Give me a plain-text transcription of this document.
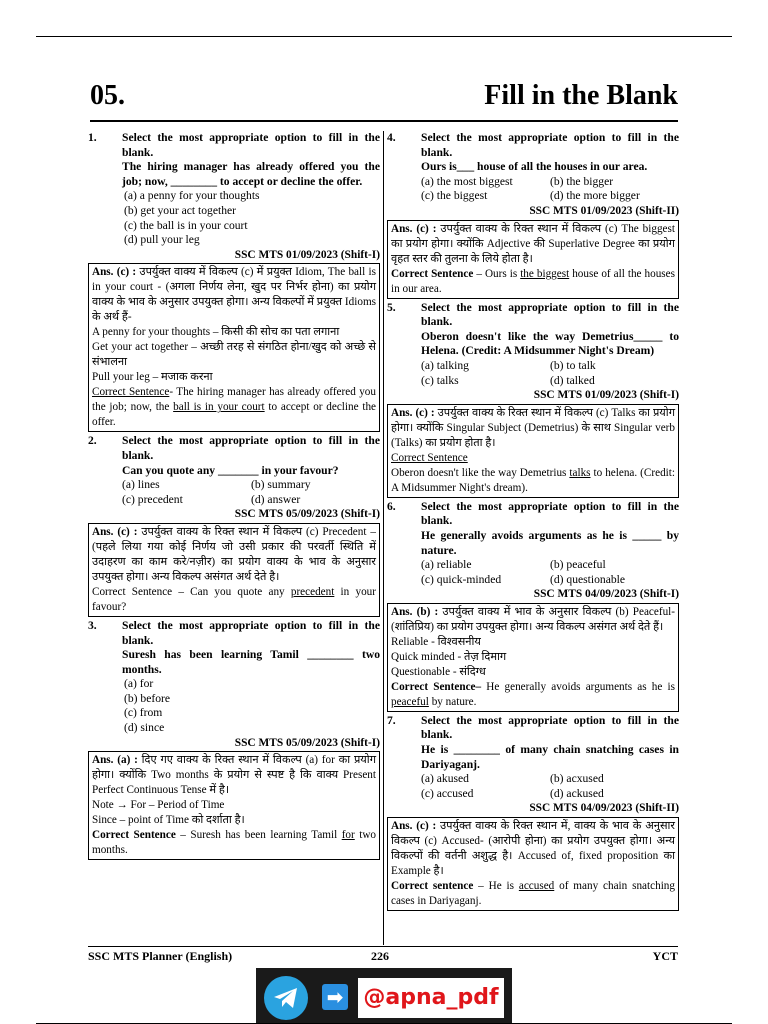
05.	Fill in the Blank
1.	Select the most appropriate option to fill in the blank.

The hiring manager has already offered you the job; now, ________ to accept or decline the offer.

(a) a penny for your thoughts
(b) get your act together
(c) the ball is in your court
(d) pull your leg
SSC MTS 01/09/2023 (Shift-I)

Ans. (c) : उपर्युक्त वाक्य में विकल्प (c) में प्रयुक्त Idiom, The ball is in your court - (अगला निर्णय लेना, खुद पर निर्भर होना) का प्रयोग वाक्य के भाव के अनुसार उपयुक्त होगा। अन्य विकल्पों में प्रयुक्त Idioms के अर्थ हैं-

A penny for your thoughts – किसी की सोच का पता लगाना

Get your act together – अच्छी तरह से संगठित होना/खुद को अच्छे से संभालना

Pull your leg – मजाक करना

Correct Sentence- The hiring manager has already offered you the job; now, the ball is in your court to accept or decline the offer.

2.	Select the most appropriate option to fill in the blank.

Can you quote any _______ in your favour?

(a) lines	(b) summary
(c) precedent	(d) answer
SSC MTS 05/09/2023 (Shift-I)

Ans. (c) : उपर्युक्त वाक्य के रिक्त स्थान में विकल्प (c) Precedent – (पहले लिया गया कोई निर्णय जो उसी प्रकार की परवर्ती स्थिति में उदाहरण का काम करे/नज़ीर) का प्रयोग वाक्य के भाव के अनुसार उपयुक्त होगा। अन्य विकल्प असंगत अर्थ देते है।

Correct Sentence – Can you quote any precedent in your favour?

3.	Select the most appropriate option to fill in the blank.

Suresh has been learning Tamil ________ two months.

(a) for
(b) before
(c) from
(d) since
SSC MTS 05/09/2023 (Shift-I)

Ans. (a) : दिए गए वाक्य के रिक्त स्थान में विकल्प (a) for का प्रयोग होगा। क्योंकि Two months के प्रयोग से स्पष्ट है कि वाक्य Present Perfect Continuous Tense में है।

Note → For – Period of Time

Since – point of Time को दर्शाता है।

Correct Sentence – Suresh has been learning Tamil for two months.

4.	Select the most appropriate option to fill in the blank.

Ours is___ house of all the houses in our area.

(a) the most biggest	(b) the bigger
(c) the biggest	(d) the more bigger
SSC MTS 01/09/2023 (Shift-II)

Ans. (c) : उपर्युक्त वाक्य के रिक्त स्थान में विकल्प (c) The biggest का प्रयोग होगा। क्योंकि Adjective की Superlative Degree का प्रयोग वृहत स्तर की तुलना के लिये होता है।

Correct Sentence – Ours is the biggest house of all the houses in our area.

5.	Select the most appropriate option to fill in the blank.

Oberon doesn't like the way Demetrius_____ to Helena. (Credit: A Midsummer Night's Dream)

(a) talking	(b) to talk
(c) talks	(d) talked
SSC MTS 01/09/2023 (Shift-I)

Ans. (c) : उपर्युक्त वाक्य के रिक्त स्थान में विकल्प (c) Talks का प्रयोग होगा। क्योंकि Singular Subject (Demetrius) के साथ Singular verb (Talks) का प्रयोग होता है।

Correct Sentence

Oberon doesn't like the way Demetrius talks to helena. (Credit: A Midsummer Night's dream).

6.	Select the most appropriate option to fill in the blank.

He generally avoids arguments as he is _____ by nature.

(a) reliable	(b) peaceful
(c) quick-minded	(d) questionable
SSC MTS 04/09/2023 (Shift-I)

Ans. (b) : उपर्युक्त वाक्य में भाव के अनुसार विकल्प (b) Peaceful- (शांतिप्रिय) का प्रयोग उपयुक्त होगा। अन्य विकल्प असंगत अर्थ देते हैं।

Reliable - विश्वसनीय

Quick minded - तेज़ दिमाग

Questionable - संदिग्ध

Correct Sentence– He generally avoids arguments as he is peaceful by nature.

7.	Select the most appropriate option to fill in the blank.

He is ________ of many chain snatching cases in Dariyaganj.

(a) akused	(b) acxused
(c) accused	(d) ackused
SSC MTS 04/09/2023 (Shift-II)

Ans. (c) : उपर्युक्त वाक्य के रिक्त स्थान में, वाक्य के भाव के अनुसार विकल्प (c) Accused- (आरोपी होना) का प्रयोग उपयुक्त होगा। अन्य विकल्पों की वर्तनी अशुद्ध है। Accused of, fixed proposition का Example है।

Correct sentence – He is accused of many chain snatching cases in Dariyaganj.

SSC MTS Planner (English)	226	YCT
➡ @apna_pdf
